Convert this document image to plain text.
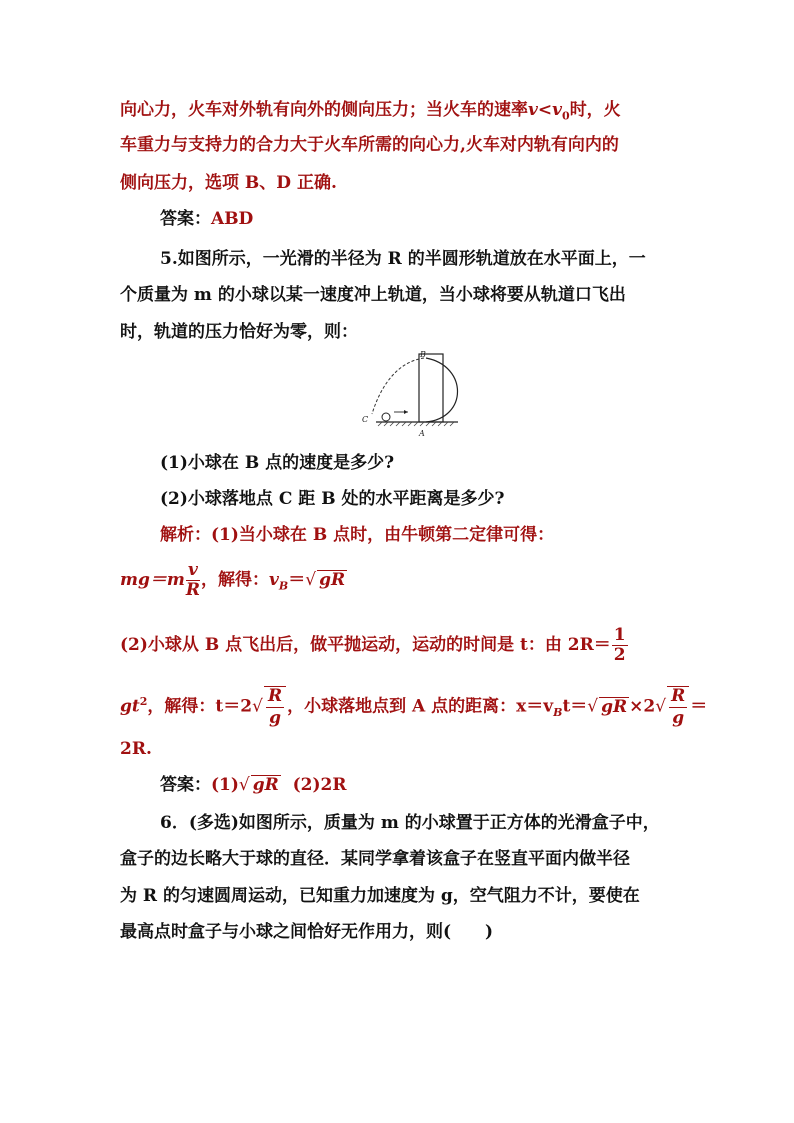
向心力，火车对外轨有向外的侧向压力；当火车的速率$v<v_0$时，火
车重力与支持力的合力大于火车所需的向心力,火车对内轨有向内的
侧向压力，选项 B、D 正确.
答案：ABD
5.如图所示，一光滑的半径为 R 的半圆形轨道放在水平面上，一
个质量为 m 的小球以某一速度冲上轨道，当小球将要从轨道口飞出
时，轨道的压力恰好为零，则：
B
C
A
(1)小球在 B 点的速度是多少?
(2)小球落地点 C 距 B 处的水平距离是多少?
解析：(1)当小球在 B 点时，由牛顿第二定律可得：
$mg=m \frac{v}{R}$ ，解得：$v_B=√$ gR
(2)小球从 B 点飞出后，做平抛运动，运动的时间是 t：由 $2R= \frac{1}{2}$
$gt^2$，解得：$t=2√ \frac{R}{g}$ ，小球落地点到 A 点的距离：$x=v_Bt=√$ gR $\times 2√ \frac{R}{g}$ ＝
2R.
答案：(1)√ gR  (2)2R
6．(多选)如图所示，质量为 m 的小球置于正方体的光滑盒子中，
盒子的边长略大于球的直径．某同学拿着该盒子在竖直平面内做半径
为 R 的匀速圆周运动，已知重力加速度为 g，空气阻力不计，要使在
最高点时盒子与小球之间恰好无作用力，则(　　)
